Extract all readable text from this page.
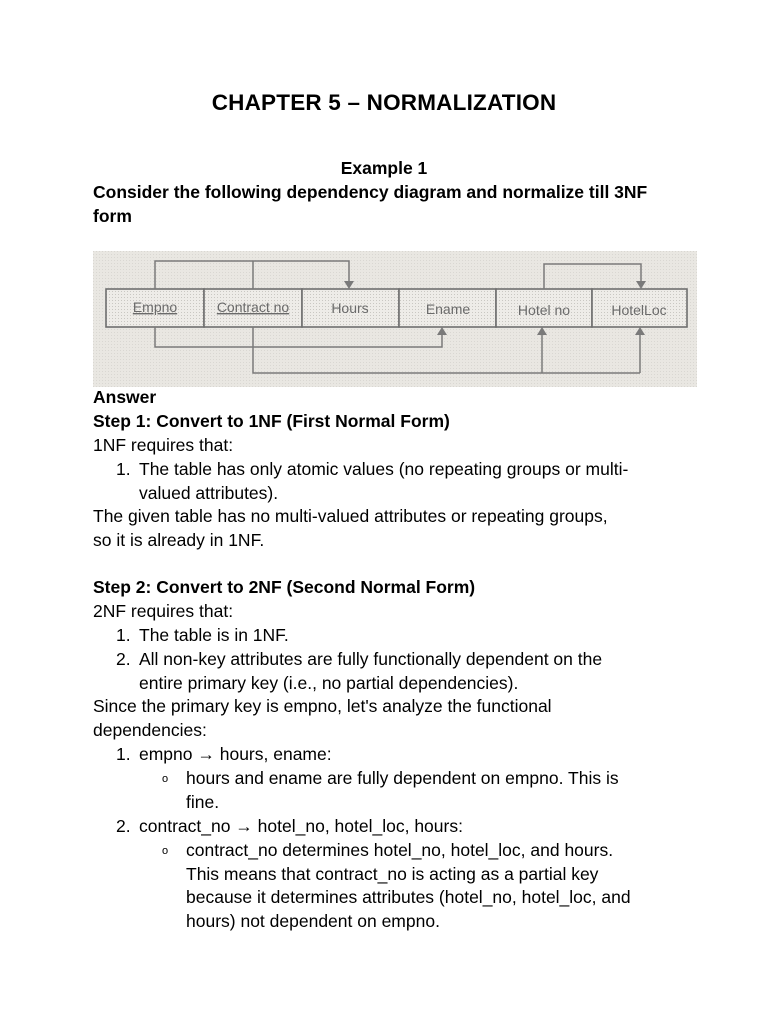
CHAPTER 5 – NORMALIZATION
Example 1
Consider the following dependency diagram and normalize till 3NF
form
Empno	Contract no	Hours	Ename	Hotel no	HotelLoc
Answer
Step 1: Convert to 1NF (First Normal Form)
1NF requires that:
1. The table has only atomic values (no repeating groups or multi-
valued attributes).
The given table has no multi-valued attributes or repeating groups,
so it is already in 1NF.
Step 2: Convert to 2NF (Second Normal Form)
2NF requires that:
1. The table is in 1NF.
2. All non-key attributes are fully functionally dependent on the
entire primary key (i.e., no partial dependencies).
Since the primary key is empno, let's analyze the functional
dependencies:
1. empno → hours, ename:
o hours and ename are fully dependent on empno. This is
fine.
2. contract_no → hotel_no, hotel_loc, hours:
o contract_no determines hotel_no, hotel_loc, and hours.
This means that contract_no is acting as a partial key
because it determines attributes (hotel_no, hotel_loc, and
hours) not dependent on empno.
